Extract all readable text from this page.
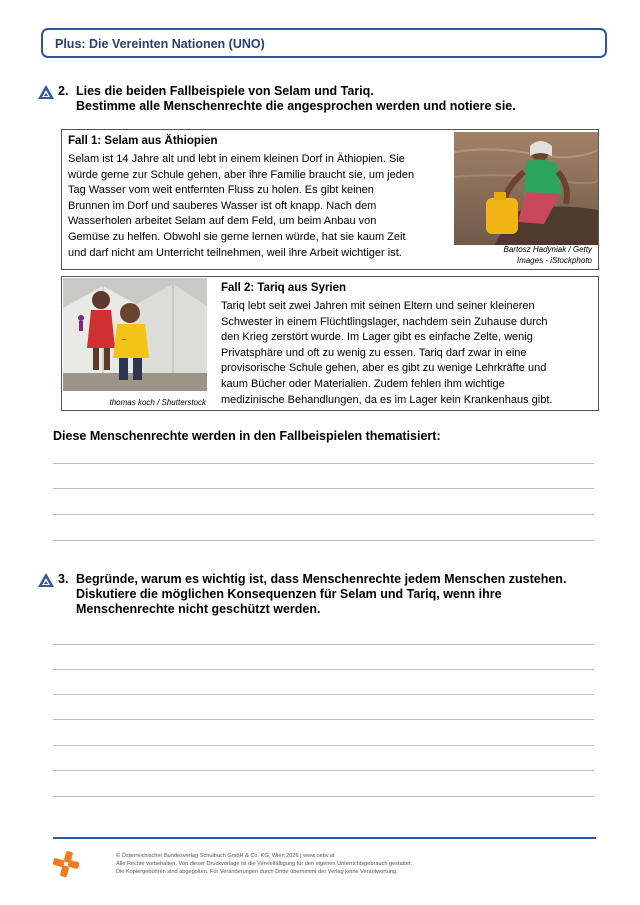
Plus: Die Vereinten Nationen (UNO)
2. Lies die beiden Fallbeispiele von Selam und Tariq.
Bestimme alle Menschenrechte die angesprochen werden und notiere sie.
Fall 1: Selam aus Äthiopien
Selam ist 14 Jahre alt und lebt in einem kleinen Dorf in Äthiopien. Sie
würde gerne zur Schule gehen, aber ihre Familie braucht sie, um jeden
Tag Wasser vom weit entfernten Fluss zu holen. Es gibt keinen
Brunnen im Dorf und sauberes Wasser ist oft knapp. Nach dem
Wasserholen arbeitet Selam auf dem Feld, um beim Anbau von
Gemüse zu helfen. Obwohl sie gerne lernen würde, hat sie kaum Zeit
und darf nicht am Unterricht teilnehmen, weil ihre Arbeit wichtiger ist.	Bartosz Hadyniak / Getty
Images - iStockphoto
~
thomas koch / Shutterstock
Fall 2: Tariq aus Syrien
Tariq lebt seit zwei Jahren mit seinen Eltern und seiner kleineren
Schwester in einem Flüchtlingslager, nachdem sein Zuhause durch
den Krieg zerstört wurde. Im Lager gibt es einfache Zelte, wenig
Privatsphäre und oft zu wenig zu essen. Tariq darf zwar in eine
provisorische Schule gehen, aber es gibt zu wenige Lehrkräfte und
kaum Bücher oder Materialien. Zudem fehlen ihm wichtige
medizinische Behandlungen, da es im Lager kein Krankenhaus gibt.
Diese Menschenrechte werden in den Fallbeispielen thematisiert:
3. Begründe, warum es wichtig ist, dass Menschenrechte jedem Menschen zustehen.
Diskutiere die möglichen Konsequenzen für Selam und Tariq, wenn ihre
Menschenrechte nicht geschützt werden.
© Österreichischer Bundesverlag Schulbuch GmbH & Co. KG, Wien 2026 | www.oebv.at
Alle Rechte vorbehalten. Von dieser Druckvorlage ist die Vervielfältigung für den eigenen Unterrichtsgebrauch gestattet.
Die Kopiergebühren sind abgegolten. Für Veränderungen durch Dritte übernimmt der Verlag keine Verantwortung.
